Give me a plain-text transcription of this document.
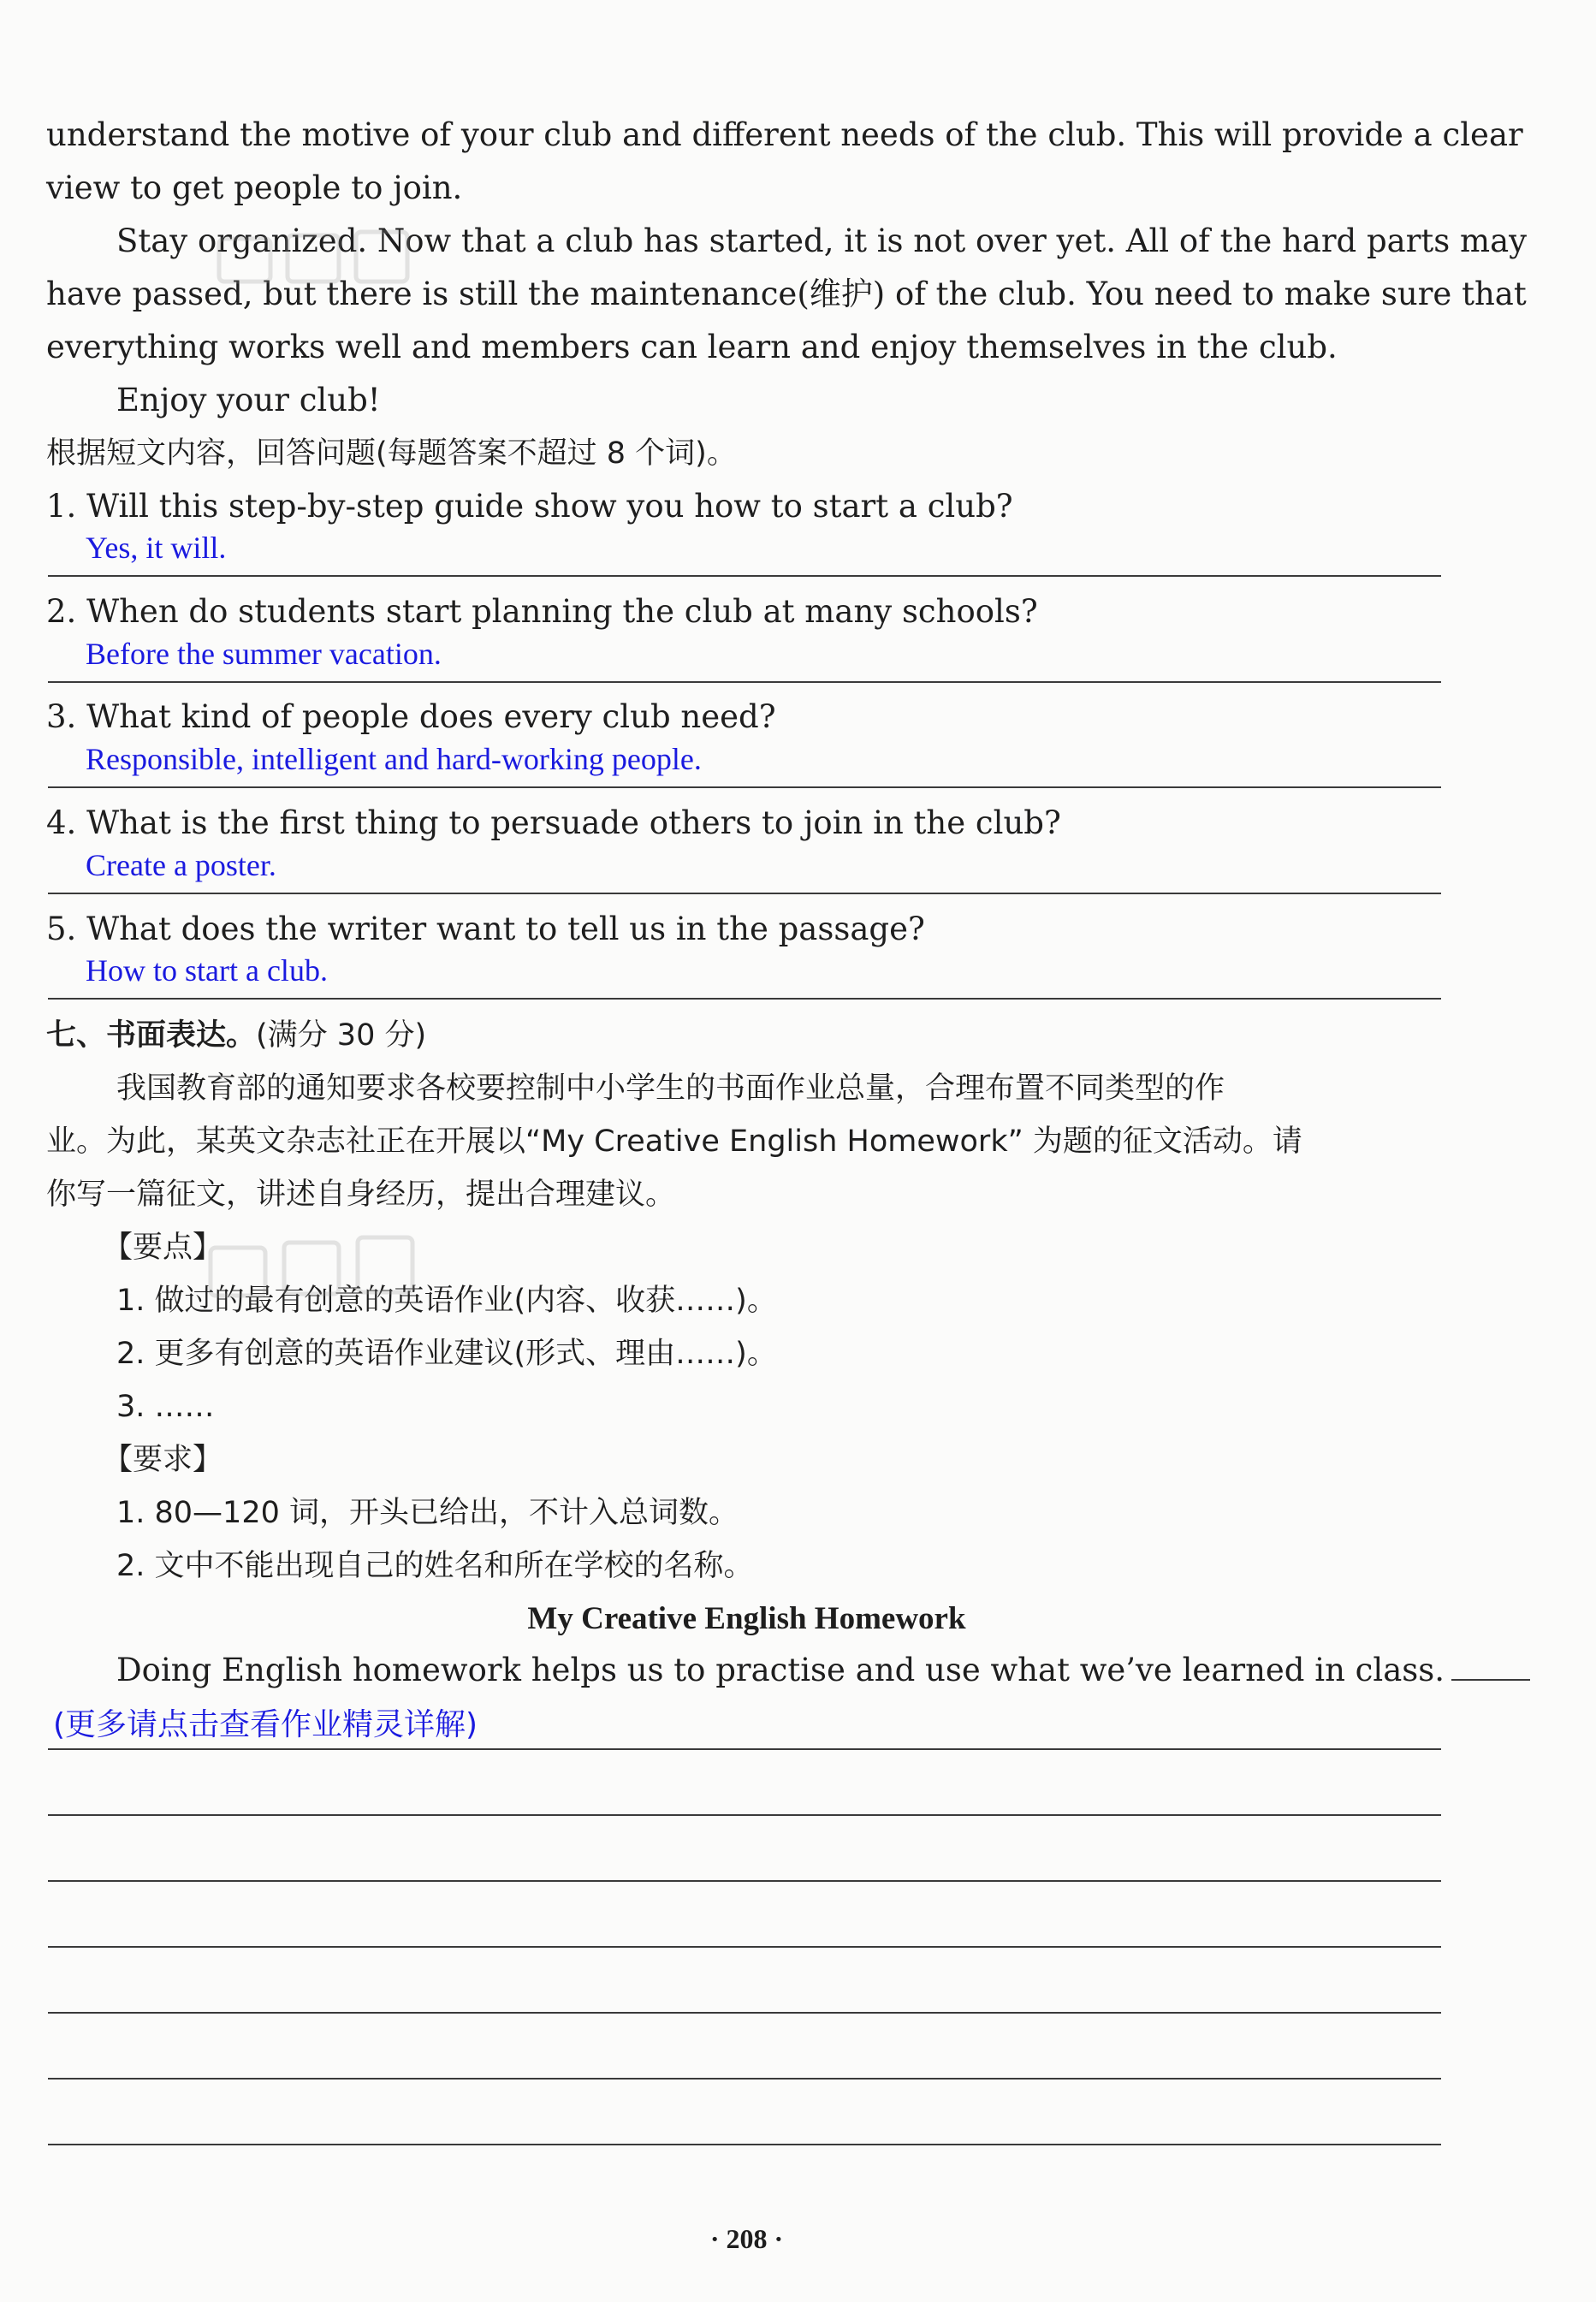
understand the motive of your club and different needs of the club. This will provide a clear
view to get people to join.
Stay organized. Now that a club has started, it is not over yet. All of the hard parts may
have passed, but there is still the maintenance(维护) of the club. You need to make sure that
everything works well and members can learn and enjoy themselves in the club.
Enjoy your club!
根据短文内容，回答问题(每题答案不超过 8 个词)。
1. Will this step-by-step guide show you how to start a club?
Yes, it will.
2. When do students start planning the club at many schools?
Before the summer vacation.
3. What kind of people does every club need?
Responsible, intelligent and hard-working people.
4. What is the first thing to persuade others to join in the club?
Create a poster.
5. What does the writer want to tell us in the passage?
How to start a club.
七、书面表达。(满分 30 分)
我国教育部的通知要求各校要控制中小学生的书面作业总量，合理布置不同类型的作
业。为此，某英文杂志社正在开展以“My Creative English Homework” 为题的征文活动。请
你写一篇征文，讲述自身经历，提出合理建议。
【要点】
1. 做过的最有创意的英语作业(内容、收获……)。
2. 更多有创意的英语作业建议(形式、理由……)。
3. ……
【要求】
1. 80—120 词，开头已给出，不计入总词数。
2. 文中不能出现自己的姓名和所在学校的名称。
My Creative English Homework
Doing English homework helps us to practise and use what we’ve learned in class.
(更多请点击查看作业精灵详解)
· 208 ·
